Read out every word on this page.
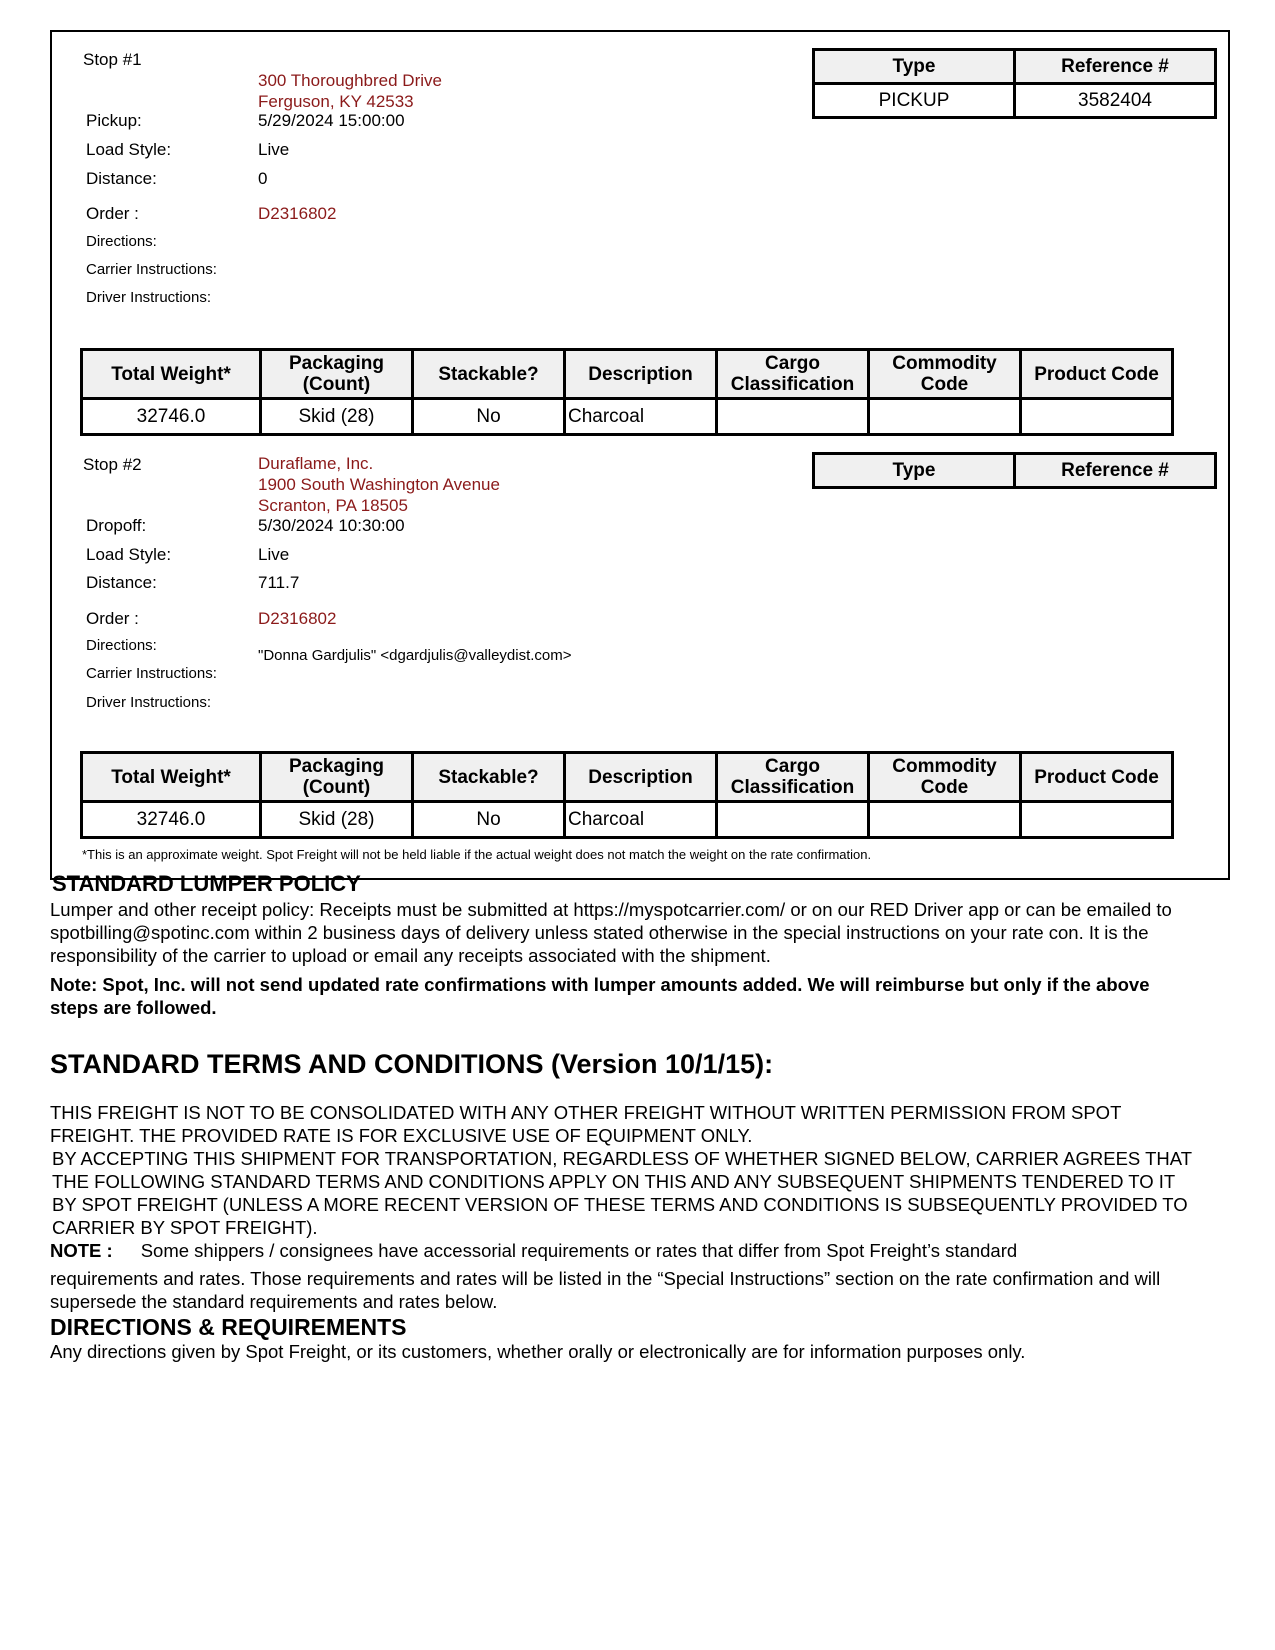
Stop #1
300 Thoroughbred Drive
Ferguson, KY 42533
Pickup:	5/29/2024 15:00:00
Load Style:	Live
Distance:	0
Order :	D2316802
Directions:
Carrier Instructions:
Driver Instructions:
Type	Reference #
PICKUP	3582404
Total Weight*	Packaging (Count)	Stackable?	Description	Cargo Classification	Commodity Code	Product Code
32746.0	Skid (28)	No	Charcoal			
Stop #2	Duraflame, Inc.
1900 South Washington Avenue
Scranton, PA 18505
Dropoff:	5/30/2024 10:30:00
Load Style:	Live
Distance:	711.7
Order :	D2316802
Directions:
"Donna Gardjulis" <dgardjulis@valleydist.com>
Carrier Instructions:
Driver Instructions:
Type	Reference #
Total Weight*	Packaging (Count)	Stackable?	Description	Cargo Classification	Commodity Code	Product Code
32746.0	Skid (28)	No	Charcoal			
*This is an approximate weight. Spot Freight will not be held liable if the actual weight does not match the weight on the rate confirmation.
STANDARD LUMPER POLICY
Lumper and other receipt policy: Receipts must be submitted at https://myspotcarrier.com/ or on our RED Driver app or can be emailed to spotbilling@spotinc.com within 2 business days of delivery unless stated otherwise in the special instructions on your rate con. It is the responsibility of the carrier to upload or email any receipts associated with the shipment.
Note: Spot, Inc. will not send updated rate confirmations with lumper amounts added. We will reimburse but only if the above steps are followed.
STANDARD TERMS AND CONDITIONS (Version 10/1/15):
THIS FREIGHT IS NOT TO BE CONSOLIDATED WITH ANY OTHER FREIGHT WITHOUT WRITTEN PERMISSION FROM SPOT FREIGHT. THE PROVIDED RATE IS FOR EXCLUSIVE USE OF EQUIPMENT ONLY.
BY ACCEPTING THIS SHIPMENT FOR TRANSPORTATION, REGARDLESS OF WHETHER SIGNED BELOW, CARRIER AGREES THAT THE FOLLOWING STANDARD TERMS AND CONDITIONS APPLY ON THIS AND ANY SUBSEQUENT SHIPMENTS TENDERED TO IT BY SPOT FREIGHT (UNLESS A MORE RECENT VERSION OF THESE TERMS AND CONDITIONS IS SUBSEQUENTLY PROVIDED TO CARRIER BY SPOT FREIGHT).
NOTE : Some shippers / consignees have accessorial requirements or rates that differ from Spot Freight’s standard
requirements and rates. Those requirements and rates will be listed in the “Special Instructions” section on the rate confirmation and will supersede the standard requirements and rates below.
DIRECTIONS & REQUIREMENTS
Any directions given by Spot Freight, or its customers, whether orally or electronically are for information purposes only.
